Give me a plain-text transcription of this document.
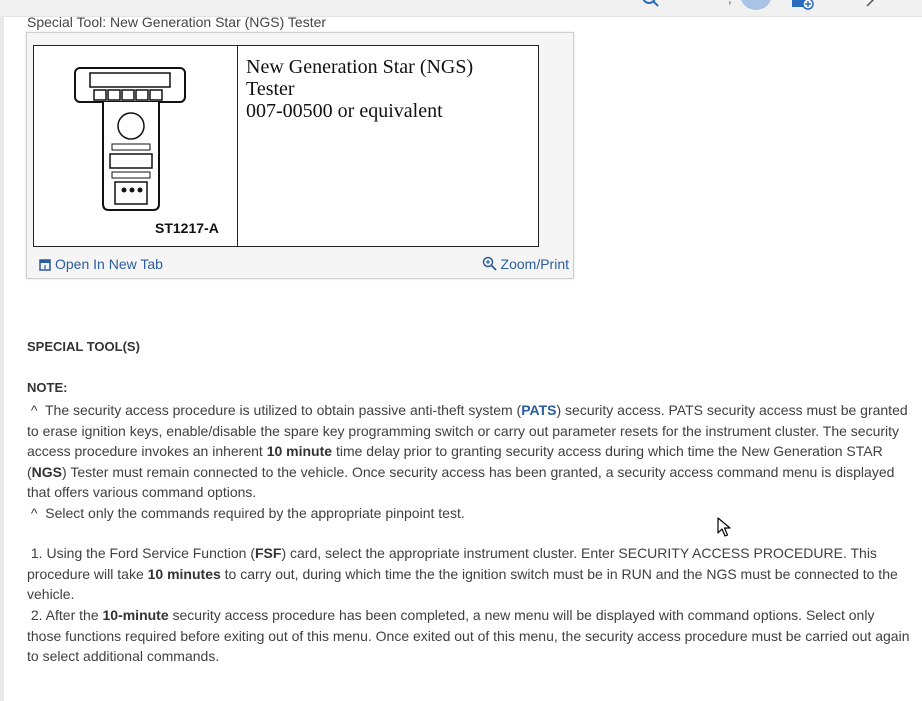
Special Tool: New Generation Star (NGS) Tester
ST1217-A
New Generation Star (NGS)
Tester
007-00500 or equivalent
Open In New Tab	Zoom/Print
SPECIAL TOOL(S)
NOTE:
^ The security access procedure is utilized to obtain passive anti-theft system (PATS) security access. PATS security access must be granted to erase ignition keys, enable/disable the spare key programming switch or carry out parameter resets for the instrument cluster. The security access procedure invokes an inherent 10 minute time delay prior to granting security access during which time the New Generation STAR (NGS) Tester must remain connected to the vehicle. Once security access has been granted, a security access command menu is displayed that offers various command options.
^ Select only the commands required by the appropriate pinpoint test.
1. Using the Ford Service Function (FSF) card, select the appropriate instrument cluster. Enter SECURITY ACCESS PROCEDURE. This procedure will take 10 minutes to carry out, during which time the the ignition switch must be in RUN and the NGS must be connected to the vehicle.
2. After the 10-minute security access procedure has been completed, a new menu will be displayed with command options. Select only those functions required before exiting out of this menu. Once exited out of this menu, the security access procedure must be carried out again to select additional commands.
